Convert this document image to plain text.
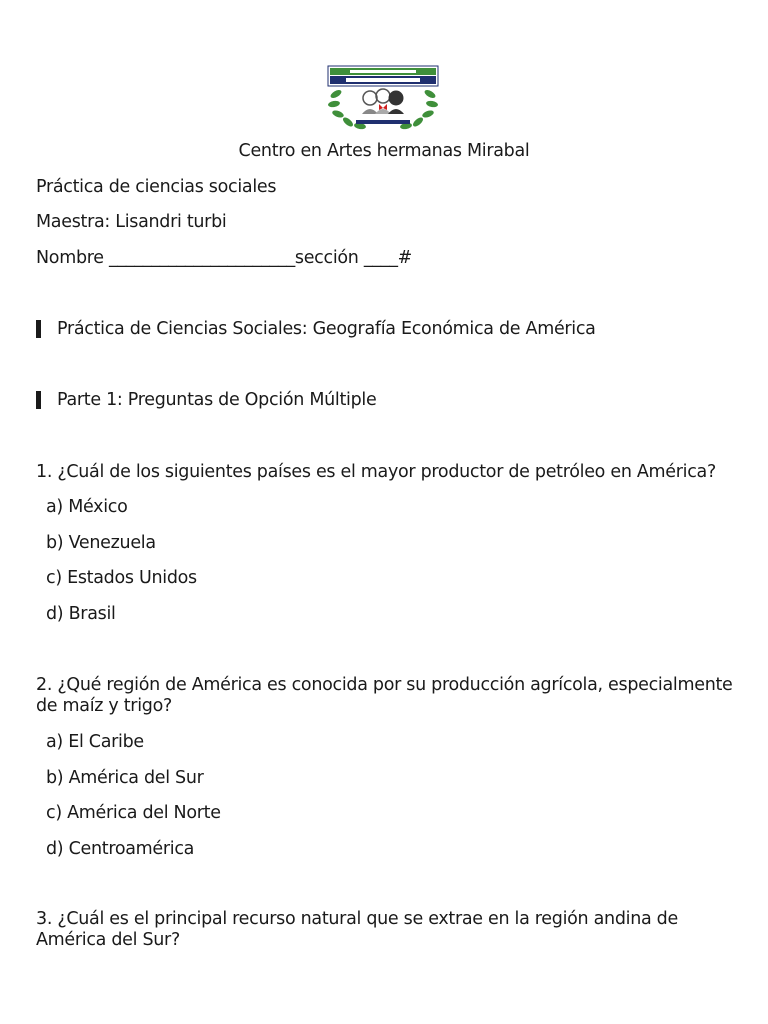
Centro en Artes hermanas Mirabal
Práctica de ciencias sociales
Maestra: Lisandri turbi
Nombre ______________________sección ____#
Práctica de Ciencias Sociales: Geografía Económica de América
Parte 1: Preguntas de Opción Múltiple
1. ¿Cuál de los siguientes países es el mayor productor de petróleo en América?
a) México
b) Venezuela
c) Estados Unidos
d) Brasil
2. ¿Qué región de América es conocida por su producción agrícola, especialmente de maíz y trigo?
a) El Caribe
b) América del Sur
c) América del Norte
d) Centroamérica
3. ¿Cuál es el principal recurso natural que se extrae en la región andina de América del Sur?
